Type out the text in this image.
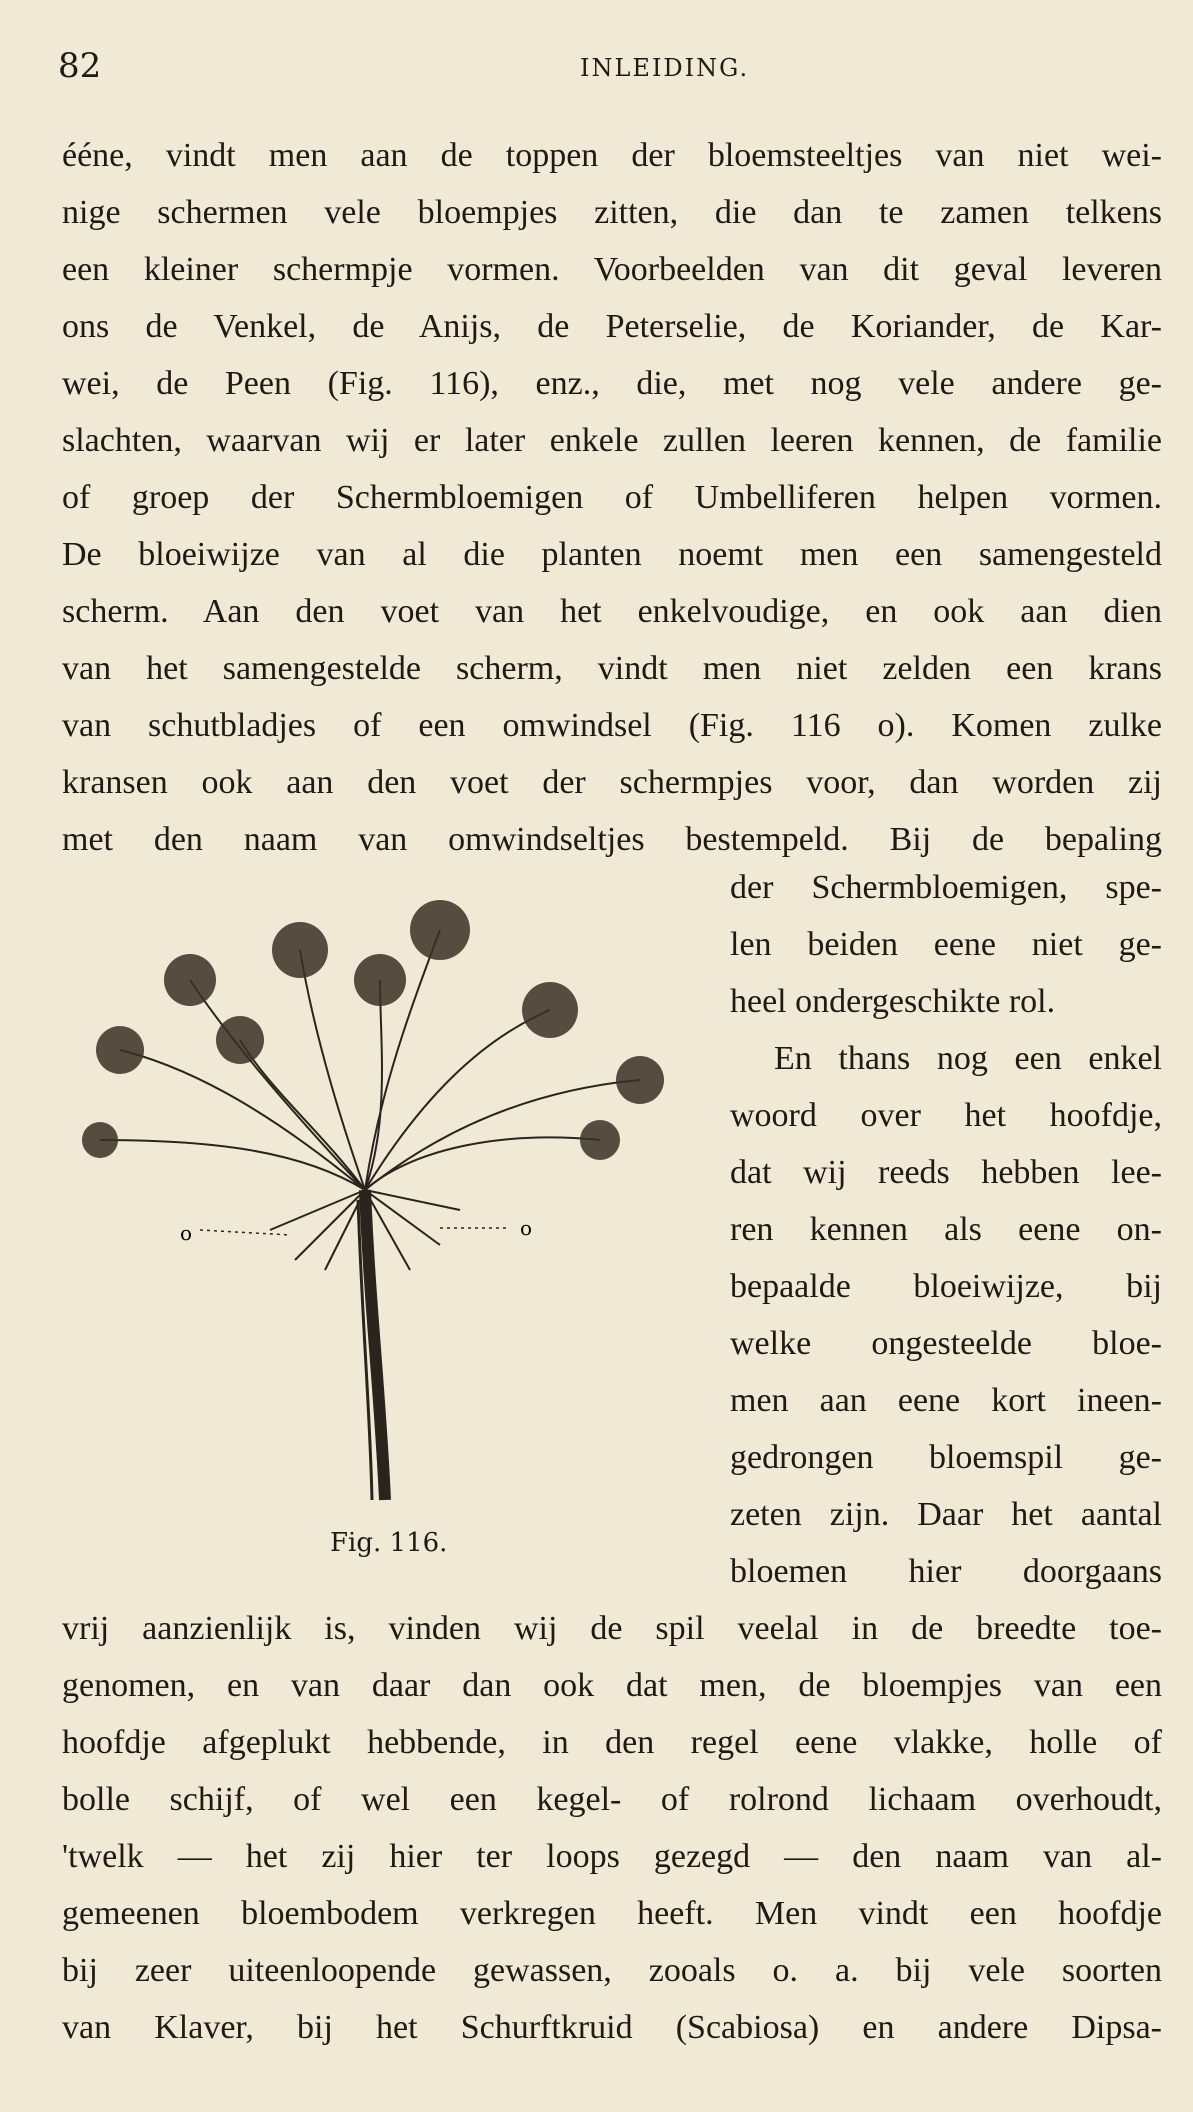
82	INLEIDING.
ééne, vindt men aan de toppen der bloemsteeltjes van niet wei-
nige schermen vele bloempjes zitten, die dan te zamen telkens
een kleiner schermpje vormen. Voorbeelden van dit geval leveren
ons de Venkel, de Anijs, de Peterselie, de Koriander, de Kar-
wei, de Peen (Fig. 116), enz., die, met nog vele andere ge-
slachten, waarvan wij er later enkele zullen leeren kennen, de familie
of groep der Schermbloemigen of Umbelliferen helpen vormen.
De bloeiwijze van al die planten noemt men een samengesteld
scherm. Aan den voet van het enkelvoudige, en ook aan dien
van het samengestelde scherm, vindt men niet zelden een krans
van schutbladjes of een omwindsel (Fig. 116 o). Komen zulke
kransen ook aan den voet der schermpjes voor, dan worden zij
met den naam van omwindseltjes bestempeld. Bij de bepaling
der Schermbloemigen, spe-
len beiden eene niet ge-
heel ondergeschikte rol.
En thans nog een enkel
woord over het hoofdje,
dat wij reeds hebben lee-
ren kennen als eene on-
bepaalde bloeiwijze, bij
welke ongesteelde bloe-
men aan eene kort ineen-
gedrongen bloemspil ge-
zeten zijn. Daar het aantal
bloemen hier doorgaans
o	o
Fig. 116.
vrij aanzienlijk is, vinden wij de spil veelal in de breedte toe-
genomen, en van daar dan ook dat men, de bloempjes van een
hoofdje afgeplukt hebbende, in den regel eene vlakke, holle of
bolle schijf, of wel een kegel- of rolrond lichaam overhoudt,
'twelk — het zij hier ter loops gezegd — den naam van al-
gemeenen bloembodem verkregen heeft. Men vindt een hoofdje
bij zeer uiteenloopende gewassen, zooals o. a. bij vele soorten
van Klaver, bij het Schurftkruid (Scabiosa) en andere Dipsa-
